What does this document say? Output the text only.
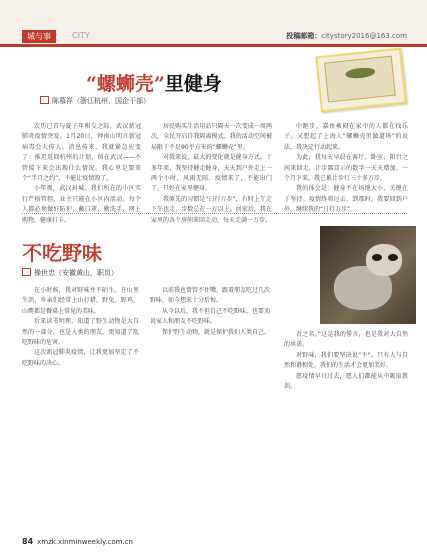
城与事	CITY	投稿邮箱：citystory2016@163.com
“螺蛳壳”里健身
陈慕祥（浙江杭州，国企干部）

农历已首与夏子年相交之际，武汉新冠肺炎疫情突发。1月20日，钟南山明言新冠病毒会人传人，消息传来，我就紧急应变了：推迟返回杭州的计划，留在武汉——不管接下来会出现什么情况。我心里是要来个“半月之约”，不能让疫情毁了。

小年夜，武汉封城。我们所在的小区实行严格管控，业主只能在小区内活动。每个人都必须做好防护，戴口罩，勤洗手，网上购物，健康打卡。

居民购买生活用品只隔天一次变成一周两次，全民开启自我隔离模式。我的活动空间被局限于不足90平方米的“螺蛳壳”里。

对我来说，最大的变化就是健身方式。十多年来，我坚持健走健身，天天到户外走上一两个小时，风雨无阻。疫情来了，不能出门了，只好在家里健身。

我原先的习惯是“日行万步”，有时上午走下午也走，步数总在一万以上。居家后，我在家里的各个房间来回走动，每天走满一万步。

中跑步。嘉鱼被闷在家中的人都在找乐子。又想起了上海人“螺蛳壳里做道场”的说法，我决定行动起来。

为此，我每天早晨在客厅、卧室、阳台之间来回走，计步器显示的数字一天天增加。一个月下来，我已累计步行三十多万步。

我的体会是：健身不在场地大小，关键在于坚持。疫情终将过去，到那时，我要回到户外，继续我的“日行万步”。

不吃野味
操世忠（安徽黄山，职员）

在小时候，我对野味并不陌生。在山里生活，乡亲们经常上山打猎，野兔、野鸡、山麂都是餐桌上常见的美味。

后来读书明理，知道了野生动物是大自然的一部分，也是人类的朋友，更知道了乱吃野味的危害。

这次新冠肺炎疫情，让我更加坚定了不吃野味的决心。

以前我也曾管不住嘴，跟着朋友吃过几次野味，如今想来十分后悔。

从今以后，我不但自己不吃野味，也要劝说家人和朋友不吃野味。

保护野生动物，就是保护我们人类自己。	吾之名。”这是我的誓言，也是我对大自然的承诺。

对野味，我们要坚决说“不”。只有人与自然和谐相处，我们的生活才会更加美好。

愿疫情早日过去，愿人们都能从中吸取教训。

84 xmzk.xinminweekly.com.cn
